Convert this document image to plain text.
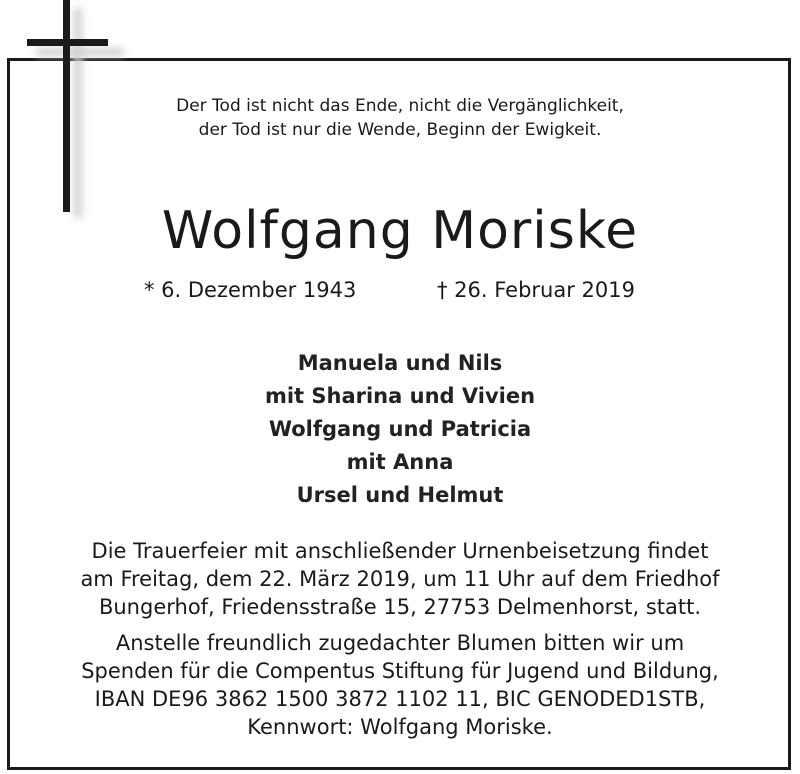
Der Tod ist nicht das Ende, nicht die Vergänglichkeit,
der Tod ist nur die Wende, Beginn der Ewigkeit.
Wolfgang Moriske
* 6. Dezember 1943	† 26. Februar 2019
Manuela und Nils
mit Sharina und Vivien
Wolfgang und Patricia
mit Anna
Ursel und Helmut
Die Trauerfeier mit anschließender Urnenbeisetzung findet
am Freitag, dem 22. März 2019, um 11 Uhr auf dem Friedhof
Bungerhof, Friedensstraße 15, 27753 Delmenhorst, statt.
Anstelle freundlich zugedachter Blumen bitten wir um
Spenden für die Compentus Stiftung für Jugend und Bildung,
IBAN DE96 3862 1500 3872 1102 11, BIC GENODED1STB,
Kennwort: Wolfgang Moriske.
